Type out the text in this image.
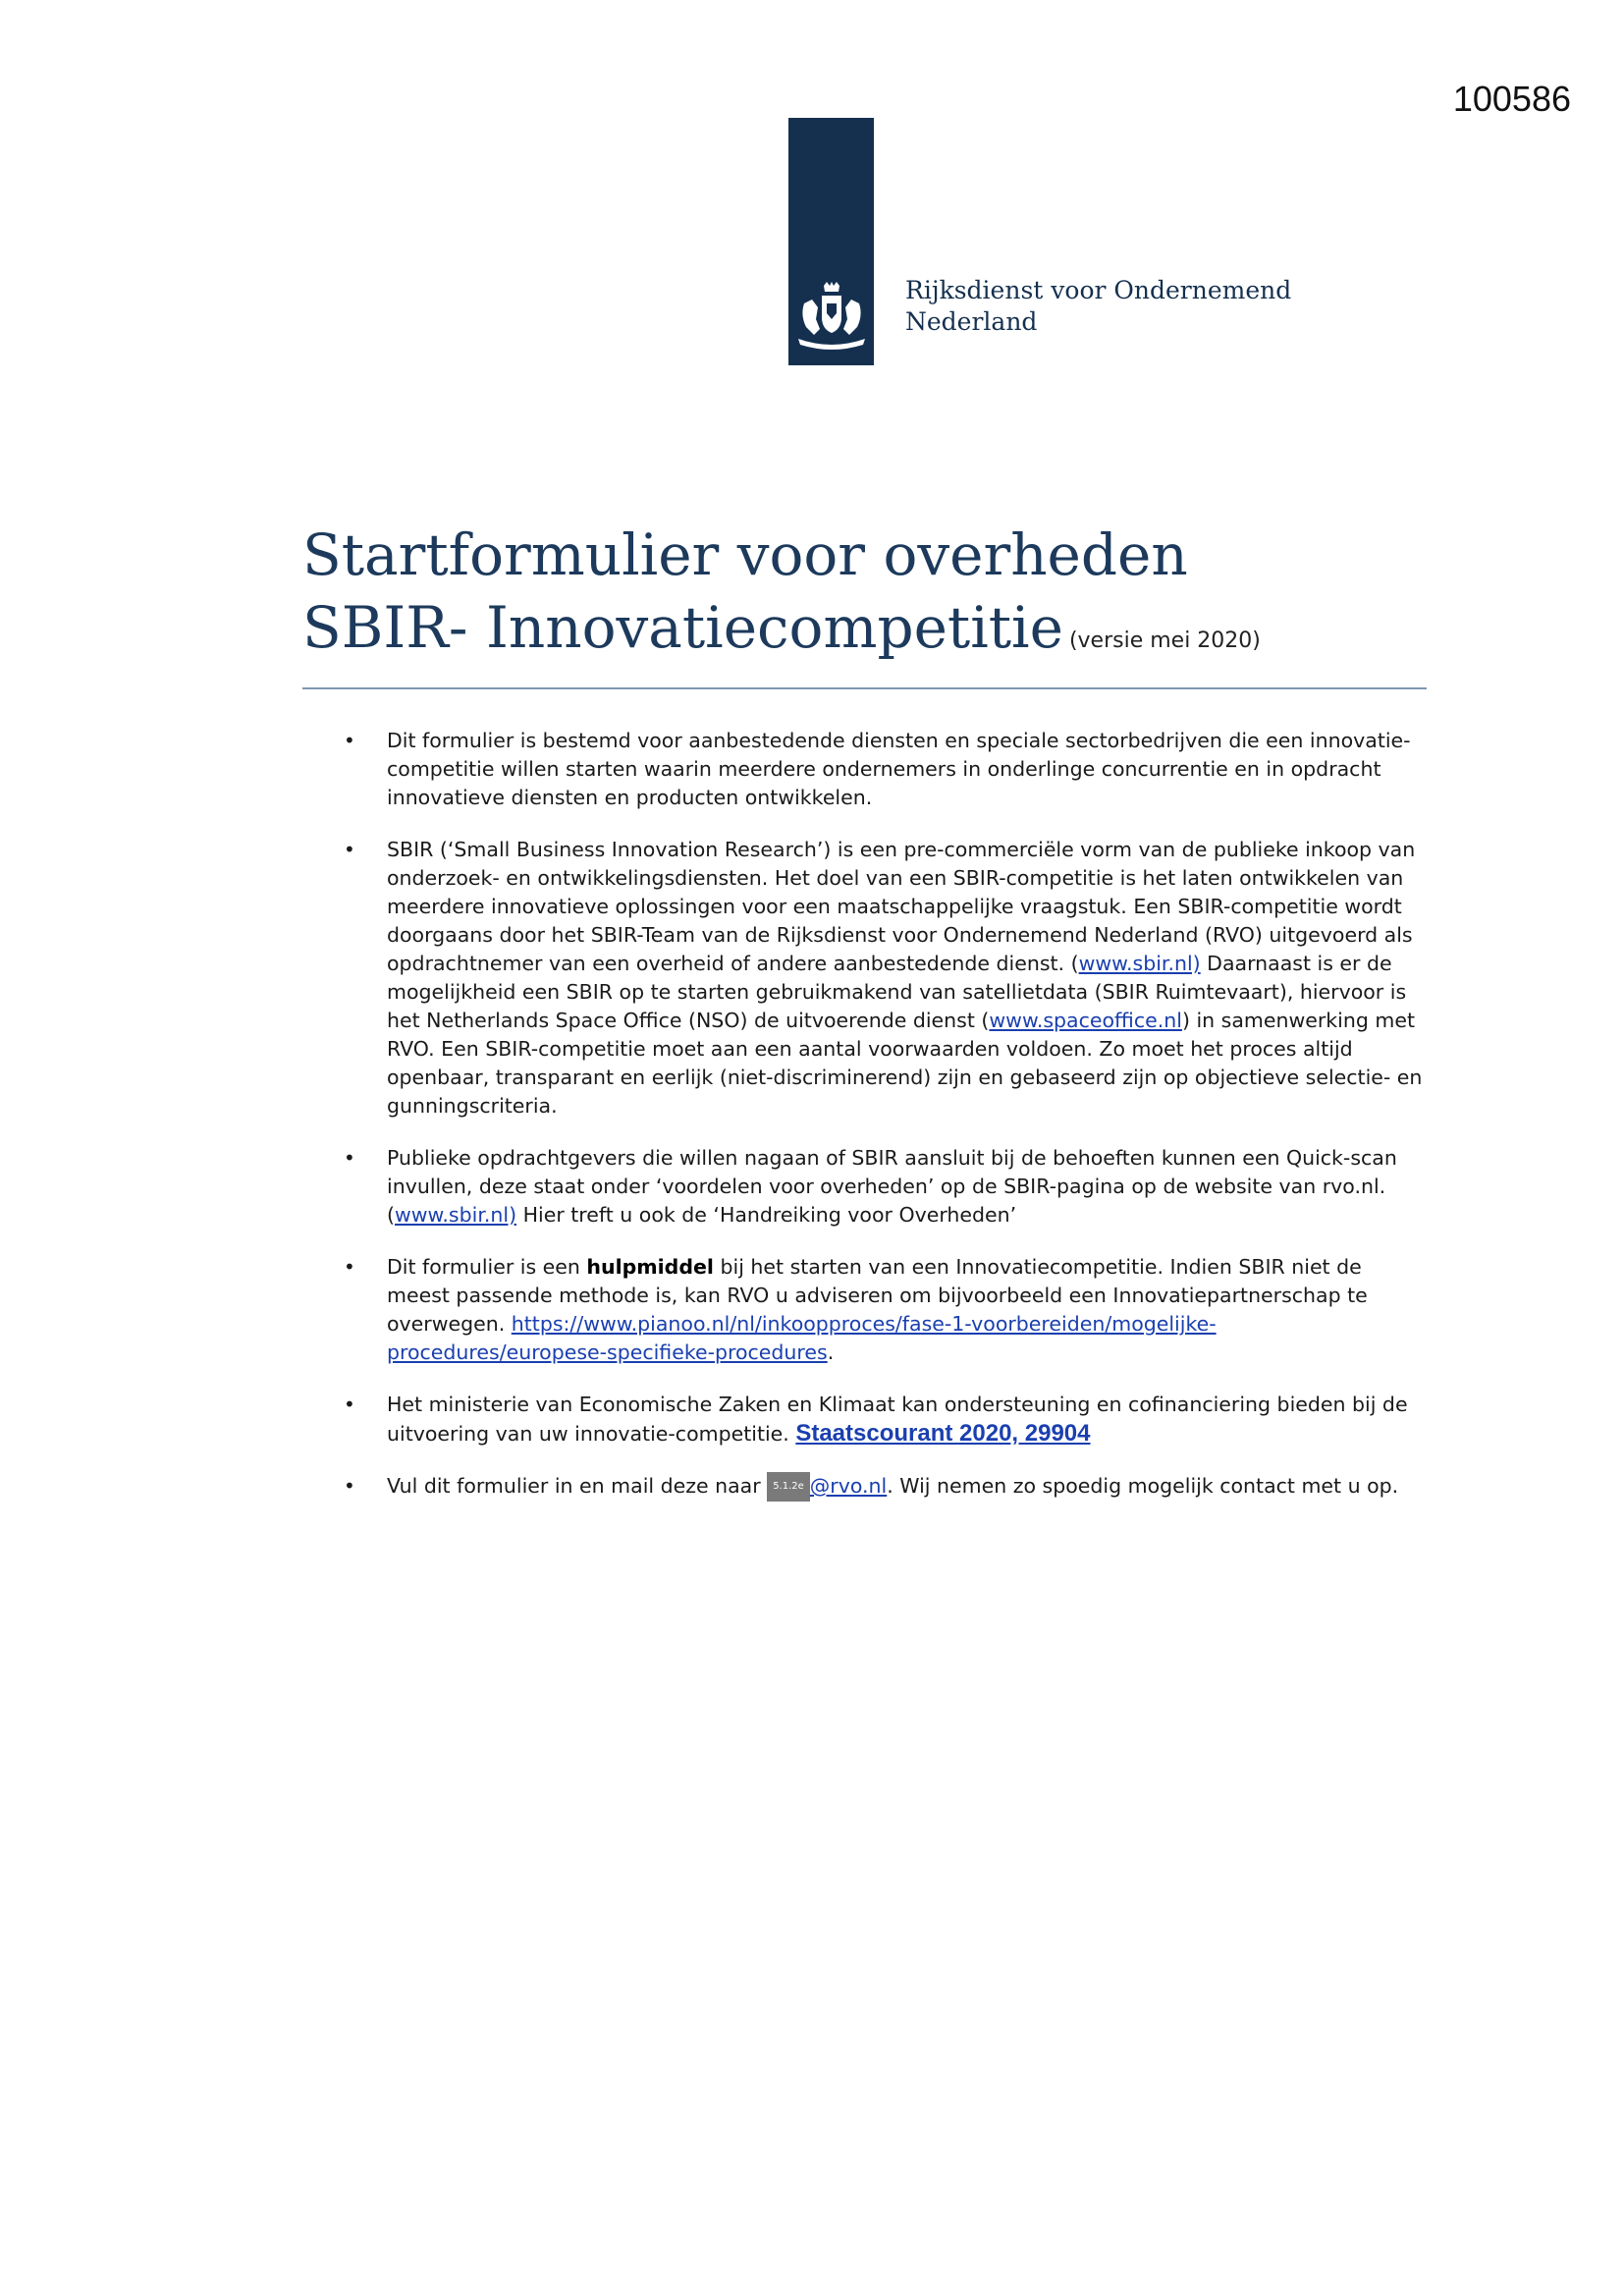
100586
Rijksdienst voor Ondernemend
Nederland
Startformulier voor overheden
SBIR- Innovatiecompetitie (versie mei 2020)
• Dit formulier is bestemd voor aanbestedende diensten en speciale sectorbedrijven die een innovatie-competitie willen starten waarin meerdere ondernemers in onderlinge concurrentie en in opdracht innovatieve diensten en producten ontwikkelen.
• SBIR (‘Small Business Innovation Research’) is een pre-commerciële vorm van de publieke inkoop van onderzoek- en ontwikkelingsdiensten. Het doel van een SBIR-competitie is het laten ontwikkelen van meerdere innovatieve oplossingen voor een maatschappelijke vraagstuk. Een SBIR-competitie wordt doorgaans door het SBIR-Team van de Rijksdienst voor Ondernemend Nederland (RVO) uitgevoerd als opdrachtnemer van een overheid of andere aanbestedende dienst. (www.sbir.nl) Daarnaast is er de mogelijkheid een SBIR op te starten gebruikmakend van satellietdata (SBIR Ruimtevaart), hiervoor is het Netherlands Space Office (NSO) de uitvoerende dienst (www.spaceoffice.nl) in samenwerking met RVO. Een SBIR-competitie moet aan een aantal voorwaarden voldoen. Zo moet het proces altijd openbaar, transparant en eerlijk (niet-discriminerend) zijn en gebaseerd zijn op objectieve selectie- en gunningscriteria.
• Publieke opdrachtgevers die willen nagaan of SBIR aansluit bij de behoeften kunnen een Quick-scan invullen, deze staat onder ‘voordelen voor overheden’ op de SBIR-pagina op de website van rvo.nl. (www.sbir.nl) Hier treft u ook de ‘Handreiking voor Overheden’
• Dit formulier is een hulpmiddel bij het starten van een Innovatiecompetitie. Indien SBIR niet de meest passende methode is, kan RVO u adviseren om bijvoorbeeld een Innovatiepartnerschap te overwegen. https://www.pianoo.nl/nl/inkoopproces/fase-1-voorbereiden/mogelijke-procedures/europese-specifieke-procedures.
• Het ministerie van Economische Zaken en Klimaat kan ondersteuning en cofinanciering bieden bij de uitvoering van uw innovatie-competitie. Staatscourant 2020, 29904
• Vul dit formulier in en mail deze naar 5.1.2e @rvo.nl. Wij nemen zo spoedig mogelijk contact met u op.
